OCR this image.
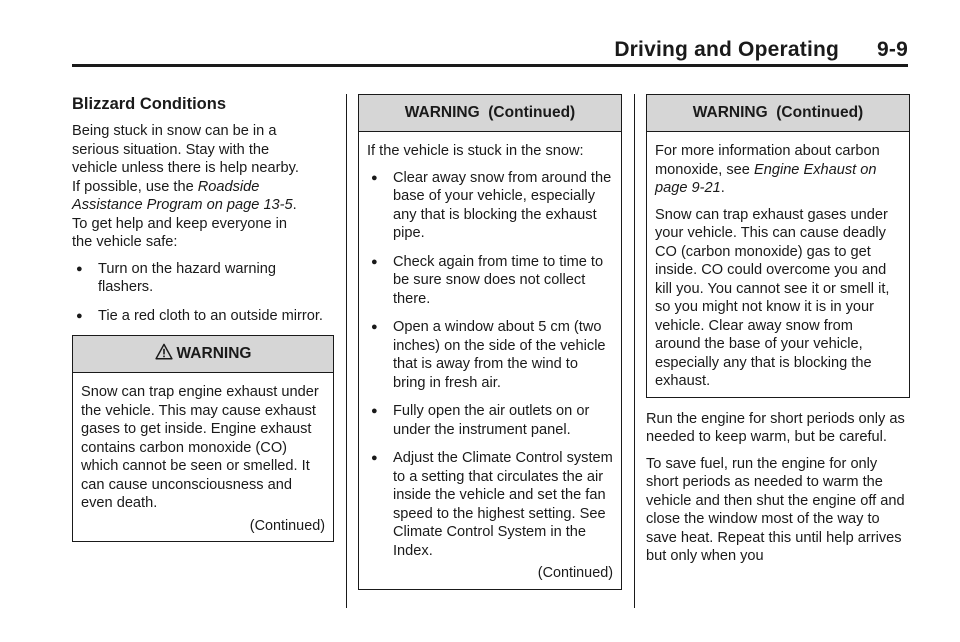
Driving and Operating 9-9
Blizzard Conditions

Being stuck in snow can be in a
serious situation. Stay with the
vehicle unless there is help nearby.
If possible, use the Roadside
Assistance Program on page 13-5.
To get help and keep everyone in
the vehicle safe:

● Turn on the hazard warning flashers.
● Tie a red cloth to an outside mirror.
WARNING
Snow can trap engine exhaust under the vehicle. This may cause exhaust gases to get inside. Engine exhaust contains carbon monoxide (CO) which cannot be seen or smelled. It can cause unconsciousness and even death.
(Continued)
WARNING  (Continued)

If the vehicle is stuck in the snow:

● Clear away snow from around the base of your vehicle, especially any that is blocking the exhaust pipe.
● Check again from time to time to be sure snow does not collect there.
● Open a window about 5 cm (two inches) on the side of the vehicle that is away from the wind to bring in fresh air.
● Fully open the air outlets on or under the instrument panel.
● Adjust the Climate Control system to a setting that circulates the air inside the vehicle and set the fan speed to the highest setting. See Climate Control System in the Index.
(Continued)
WARNING  (Continued)

For more information about carbon monoxide, see Engine Exhaust on page 9-21.

Snow can trap exhaust gases under your vehicle. This can cause deadly CO (carbon monoxide) gas to get inside. CO could overcome you and kill you. You cannot see it or smell it, so you might not know it is in your vehicle. Clear away snow from around the base of your vehicle, especially any that is blocking the exhaust.

Run the engine for short periods only as needed to keep warm, but be careful.

To save fuel, run the engine for only short periods as needed to warm the vehicle and then shut the engine off and close the window most of the way to save heat. Repeat this until help arrives but only when you
